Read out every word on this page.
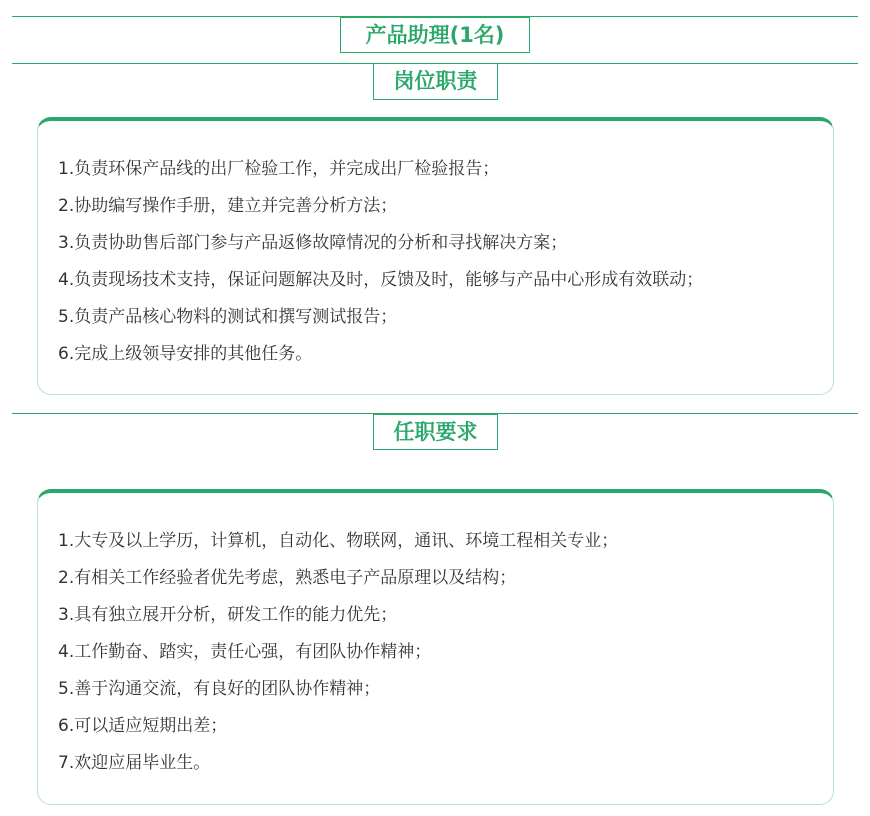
产品助理(1名)
岗位职责
1.负责环保产品线的出厂检验工作，并完成出厂检验报告；
2.协助编写操作手册，建立并完善分析方法；
3.负责协助售后部门参与产品返修故障情况的分析和寻找解决方案；
4.负责现场技术支持，保证问题解决及时，反馈及时，能够与产品中心形成有效联动；
5.负责产品核心物料的测试和撰写测试报告；
6.完成上级领导安排的其他任务。
任职要求
1.大专及以上学历，计算机，自动化、物联网，通讯、环境工程相关专业；
2.有相关工作经验者优先考虑，熟悉电子产品原理以及结构；
3.具有独立展开分析，研发工作的能力优先；
4.工作勤奋、踏实，责任心强，有团队协作精神；
5.善于沟通交流，有良好的团队协作精神；
6.可以适应短期出差；
7.欢迎应届毕业生。
